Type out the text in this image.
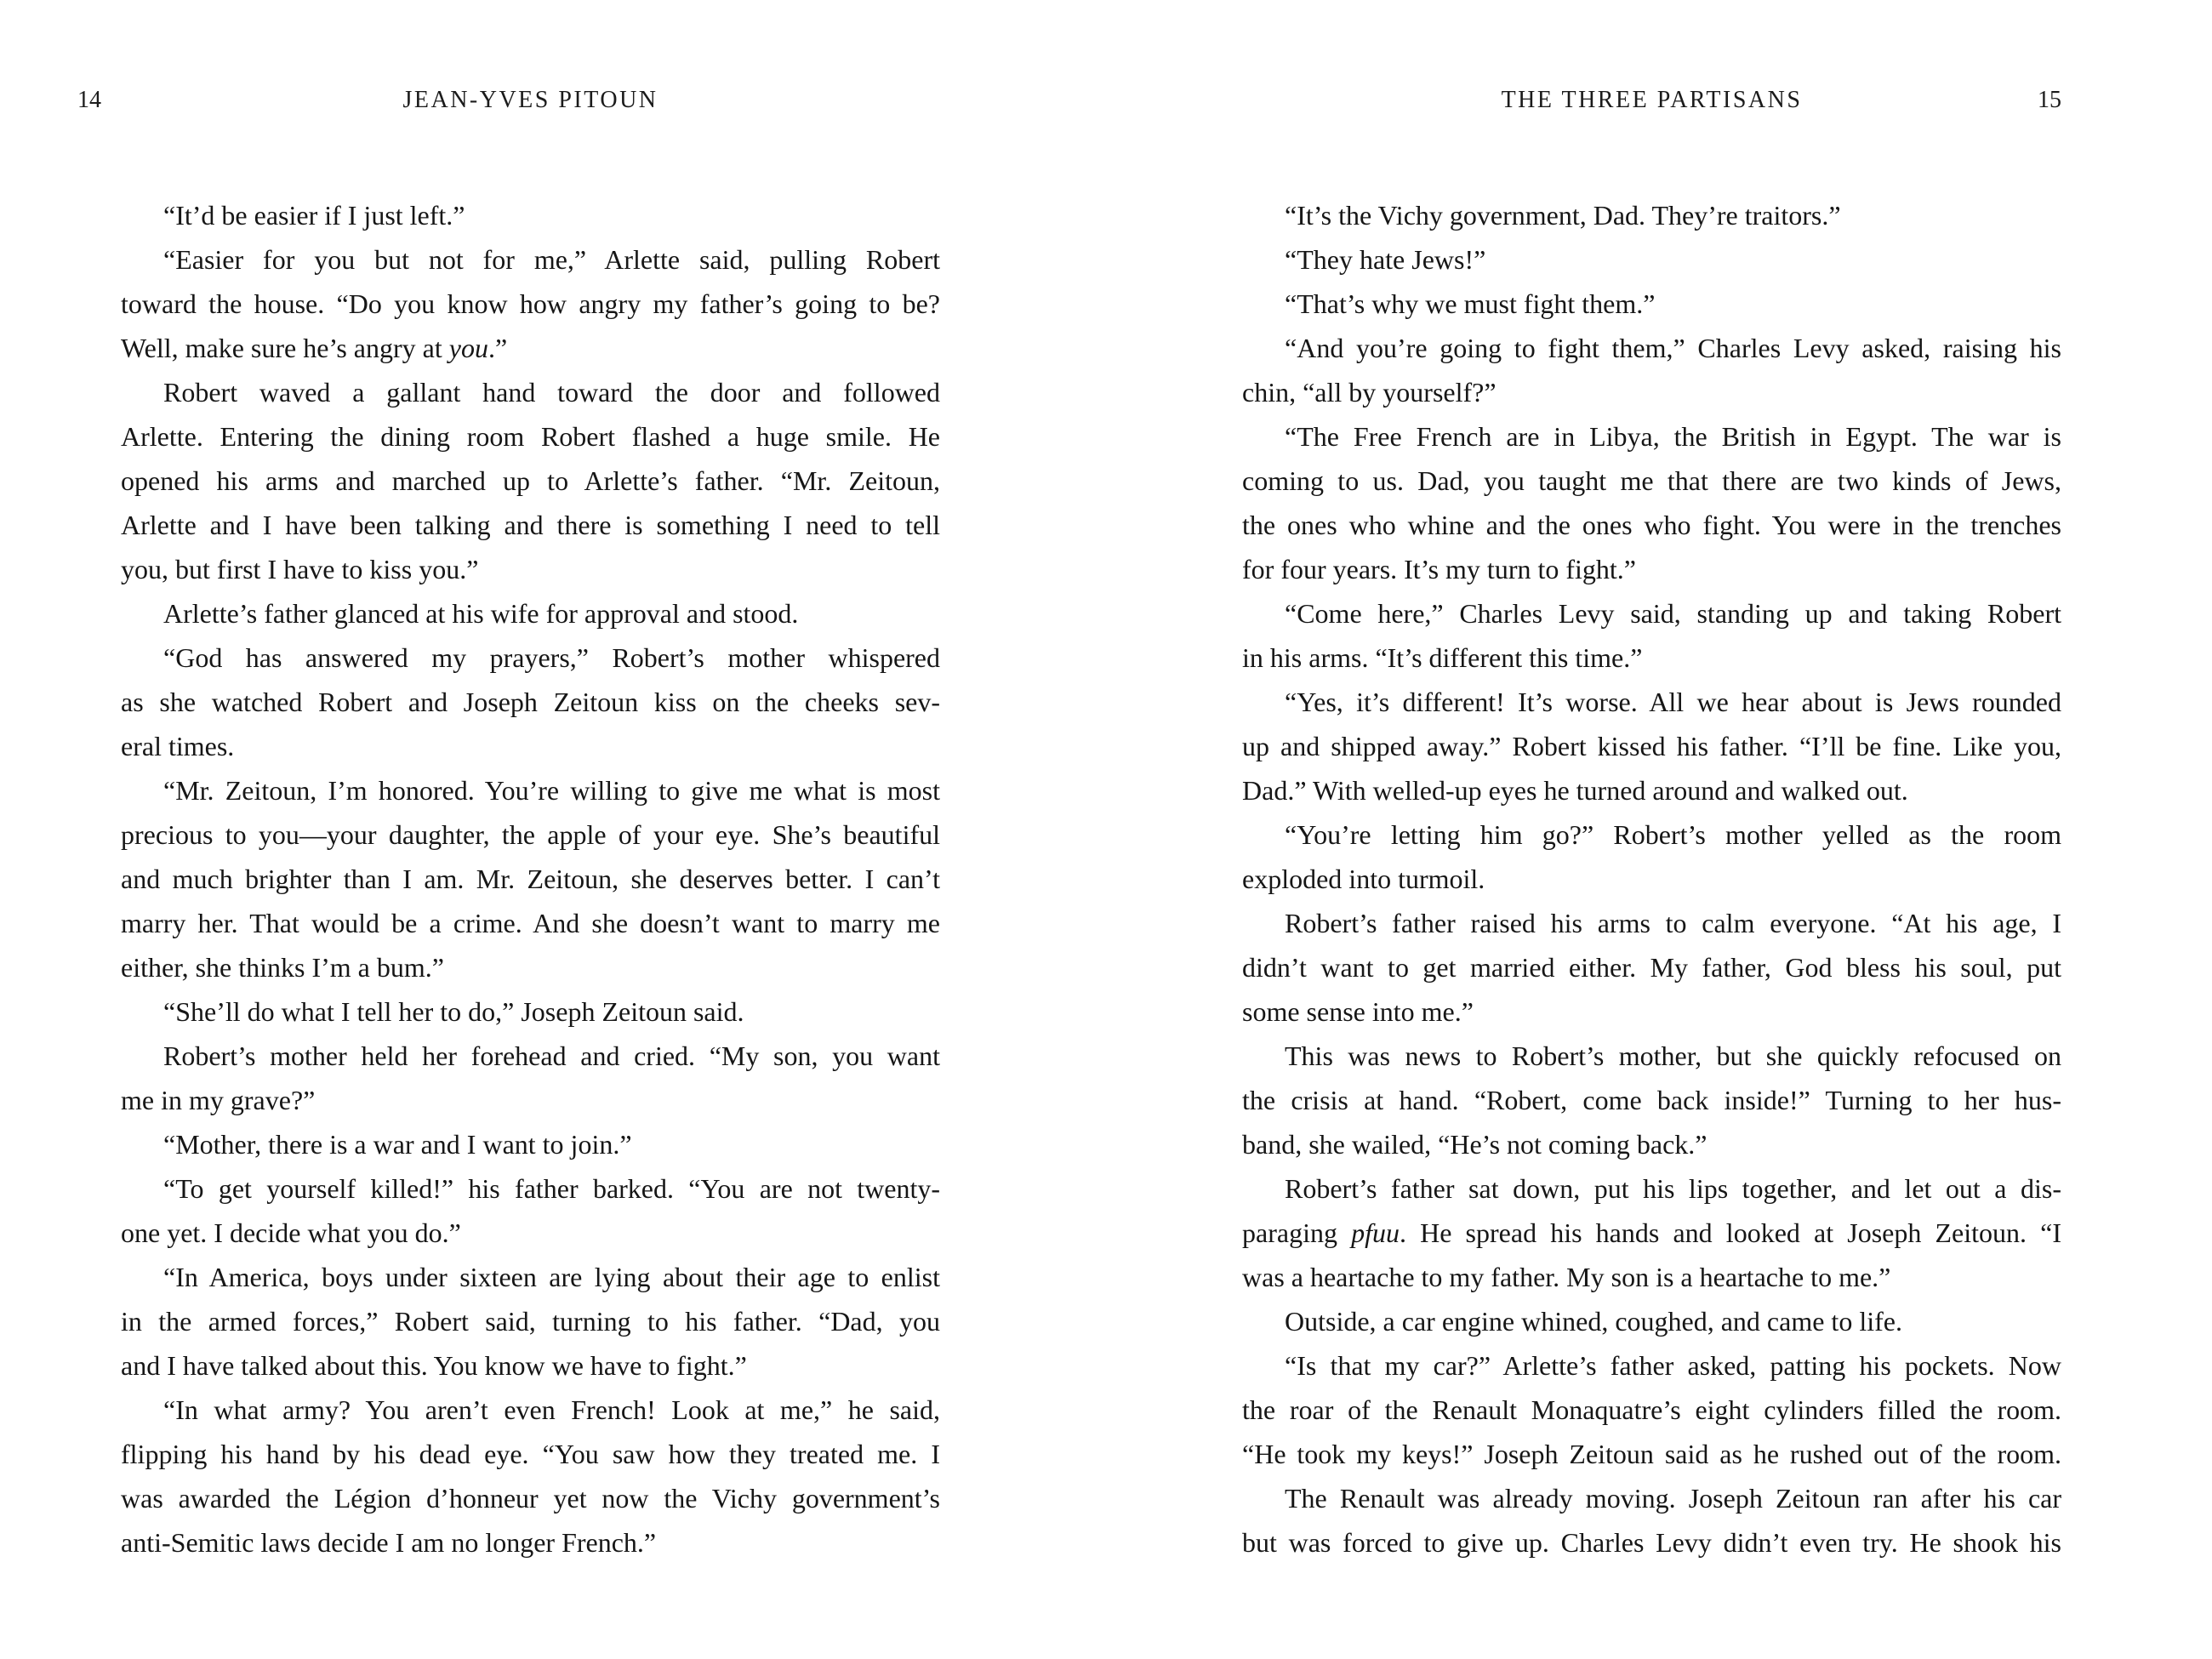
14	JEAN-YVES PITOUN
“It’d be easier if I just left.”
“Easier for you but not for me,” Arlette said, pulling Robert
toward the house. “Do you know how angry my father’s going to be?
Well, make sure he’s angry at you.”
Robert waved a gallant hand toward the door and followed
Arlette. Entering the dining room Robert flashed a huge smile. He
opened his arms and marched up to Arlette’s father. “Mr. Zeitoun,
Arlette and I have been talking and there is something I need to tell
you, but first I have to kiss you.”
Arlette’s father glanced at his wife for approval and stood.
“God has answered my prayers,” Robert’s mother whispered
as she watched Robert and Joseph Zeitoun kiss on the cheeks sev-
eral times.
“Mr. Zeitoun, I’m honored. You’re willing to give me what is most
precious to you—your daughter, the apple of your eye. She’s beautiful
and much brighter than I am. Mr. Zeitoun, she deserves better. I can’t
marry her. That would be a crime. And she doesn’t want to marry me
either, she thinks I’m a bum.”
“She’ll do what I tell her to do,” Joseph Zeitoun said.
Robert’s mother held her forehead and cried. “My son, you want
me in my grave?”
“Mother, there is a war and I want to join.”
“To get yourself killed!” his father barked. “You are not twenty-
one yet. I decide what you do.”
“In America, boys under sixteen are lying about their age to enlist
in the armed forces,” Robert said, turning to his father. “Dad, you
and I have talked about this. You know we have to fight.”
“In what army? You aren’t even French! Look at me,” he said,
flipping his hand by his dead eye. “You saw how they treated me. I
was awarded the Légion d’honneur yet now the Vichy government’s
anti-Semitic laws decide I am no longer French.”
THE THREE PARTISANS	15
“It’s the Vichy government, Dad. They’re traitors.”
“They hate Jews!”
“That’s why we must fight them.”
“And you’re going to fight them,” Charles Levy asked, raising his
chin, “all by yourself?”
“The Free French are in Libya, the British in Egypt. The war is
coming to us. Dad, you taught me that there are two kinds of Jews,
the ones who whine and the ones who fight. You were in the trenches
for four years. It’s my turn to fight.”
“Come here,” Charles Levy said, standing up and taking Robert
in his arms. “It’s different this time.”
“Yes, it’s different! It’s worse. All we hear about is Jews rounded
up and shipped away.” Robert kissed his father. “I’ll be fine. Like you,
Dad.” With welled-up eyes he turned around and walked out.
“You’re letting him go?” Robert’s mother yelled as the room
exploded into turmoil.
Robert’s father raised his arms to calm everyone. “At his age, I
didn’t want to get married either. My father, God bless his soul, put
some sense into me.”
This was news to Robert’s mother, but she quickly refocused on
the crisis at hand. “Robert, come back inside!” Turning to her hus-
band, she wailed, “He’s not coming back.”
Robert’s father sat down, put his lips together, and let out a dis-
paraging pfuu. He spread his hands and looked at Joseph Zeitoun. “I
was a heartache to my father. My son is a heartache to me.”
Outside, a car engine whined, coughed, and came to life.
“Is that my car?” Arlette’s father asked, patting his pockets. Now
the roar of the Renault Monaquatre’s eight cylinders filled the room.
“He took my keys!” Joseph Zeitoun said as he rushed out of the room.
The Renault was already moving. Joseph Zeitoun ran after his car
but was forced to give up. Charles Levy didn’t even try. He shook his
